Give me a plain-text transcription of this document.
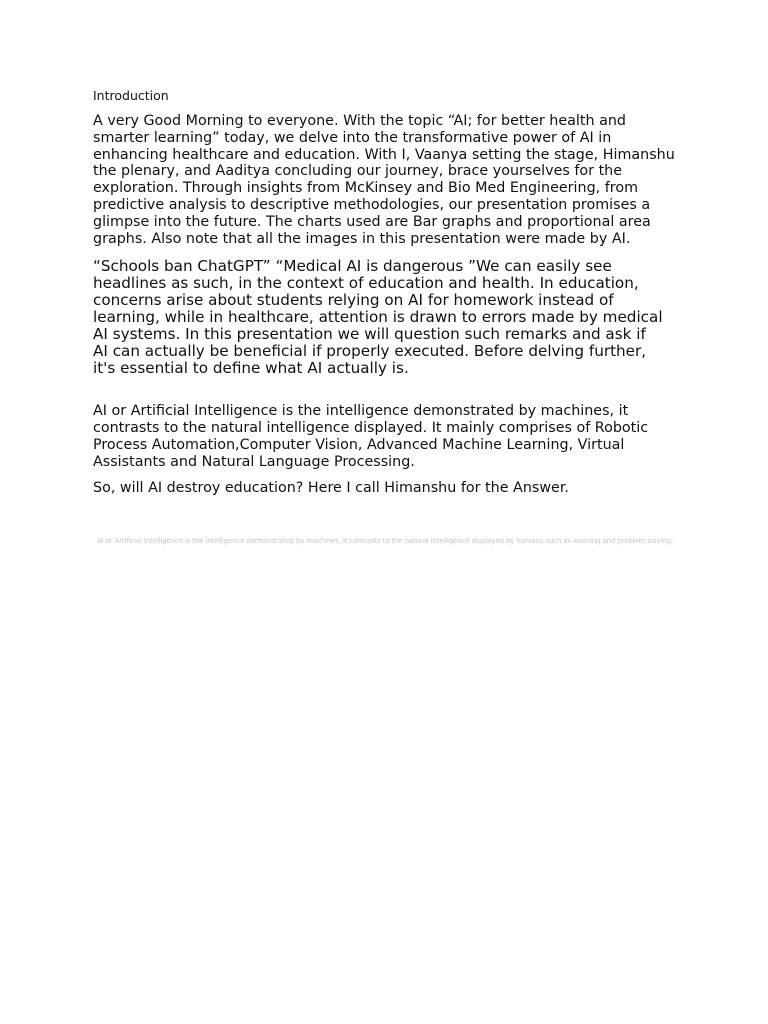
Introduction

A very Good Morning to everyone. With the topic “AI; for better health and
smarter learning” today, we delve into the transformative power of AI in
enhancing healthcare and education. With I, Vaanya setting the stage, Himanshu
the plenary, and Aaditya concluding our journey, brace yourselves for the
exploration. Through insights from McKinsey and Bio Med Engineering, from
predictive analysis to descriptive methodologies, our presentation promises a
glimpse into the future. The charts used are Bar graphs and proportional area
graphs. Also note that all the images in this presentation were made by AI.

“Schools ban ChatGPT” “Medical AI is dangerous ”We can easily see
headlines as such, in the context of education and health. In education,
concerns arise about students relying on AI for homework instead of
learning, while in healthcare, attention is drawn to errors made by medical
AI systems. In this presentation we will question such remarks and ask if
AI can actually be beneficial if properly executed. Before delving further,
it's essential to define what AI actually is.

AI or Artificial Intelligence is the intelligence demonstrated by machines, it
contrasts to the natural intelligence displayed. It mainly comprises of Robotic
Process Automation,Computer Vision, Advanced Machine Learning, Virtual
Assistants and Natural Language Processing.

So, will AI destroy education? Here I call Himanshu for the Answer.

AI or Artificial Intelligence is the intelligence demonstrated by machines, it contrasts to the natural intelligence displayed by humans such as learning and problem solving.
